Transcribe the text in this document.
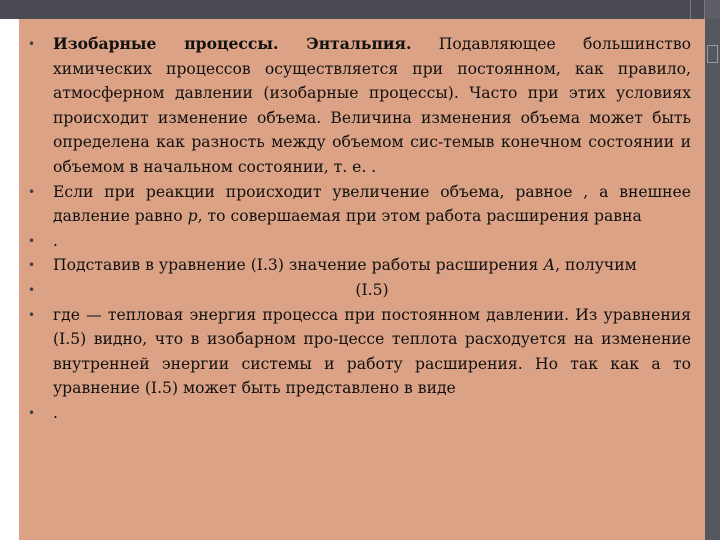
• Изобарные процессы. Энтальпия. Подавляющее большинство химических процессов осуществляется при постоянном, как правило, атмосферном давлении (изобарные процессы). Часто при этих условиях происходит изменение объема. Величина изменения объема может быть определена как разность между объемом сис-темыв конечном состоянии и объемом в начальном состоянии, т. е. .
• Если при реакции происходит увеличение объема, равное , а внешнее давление равно р, то совершаемая при этом работа расширения равна
• .
• Подставив в уравнение (I.3) значение работы расширения А, получим
•	(I.5)
• где — тепловая энергия процесса при постоянном давлении. Из уравнения (I.5) видно, что в изобарном про-цессе теплота расходуется на изменение внутренней энергии системы и работу расширения. Но так как а то уравнение (I.5) может быть представлено в виде
• .
